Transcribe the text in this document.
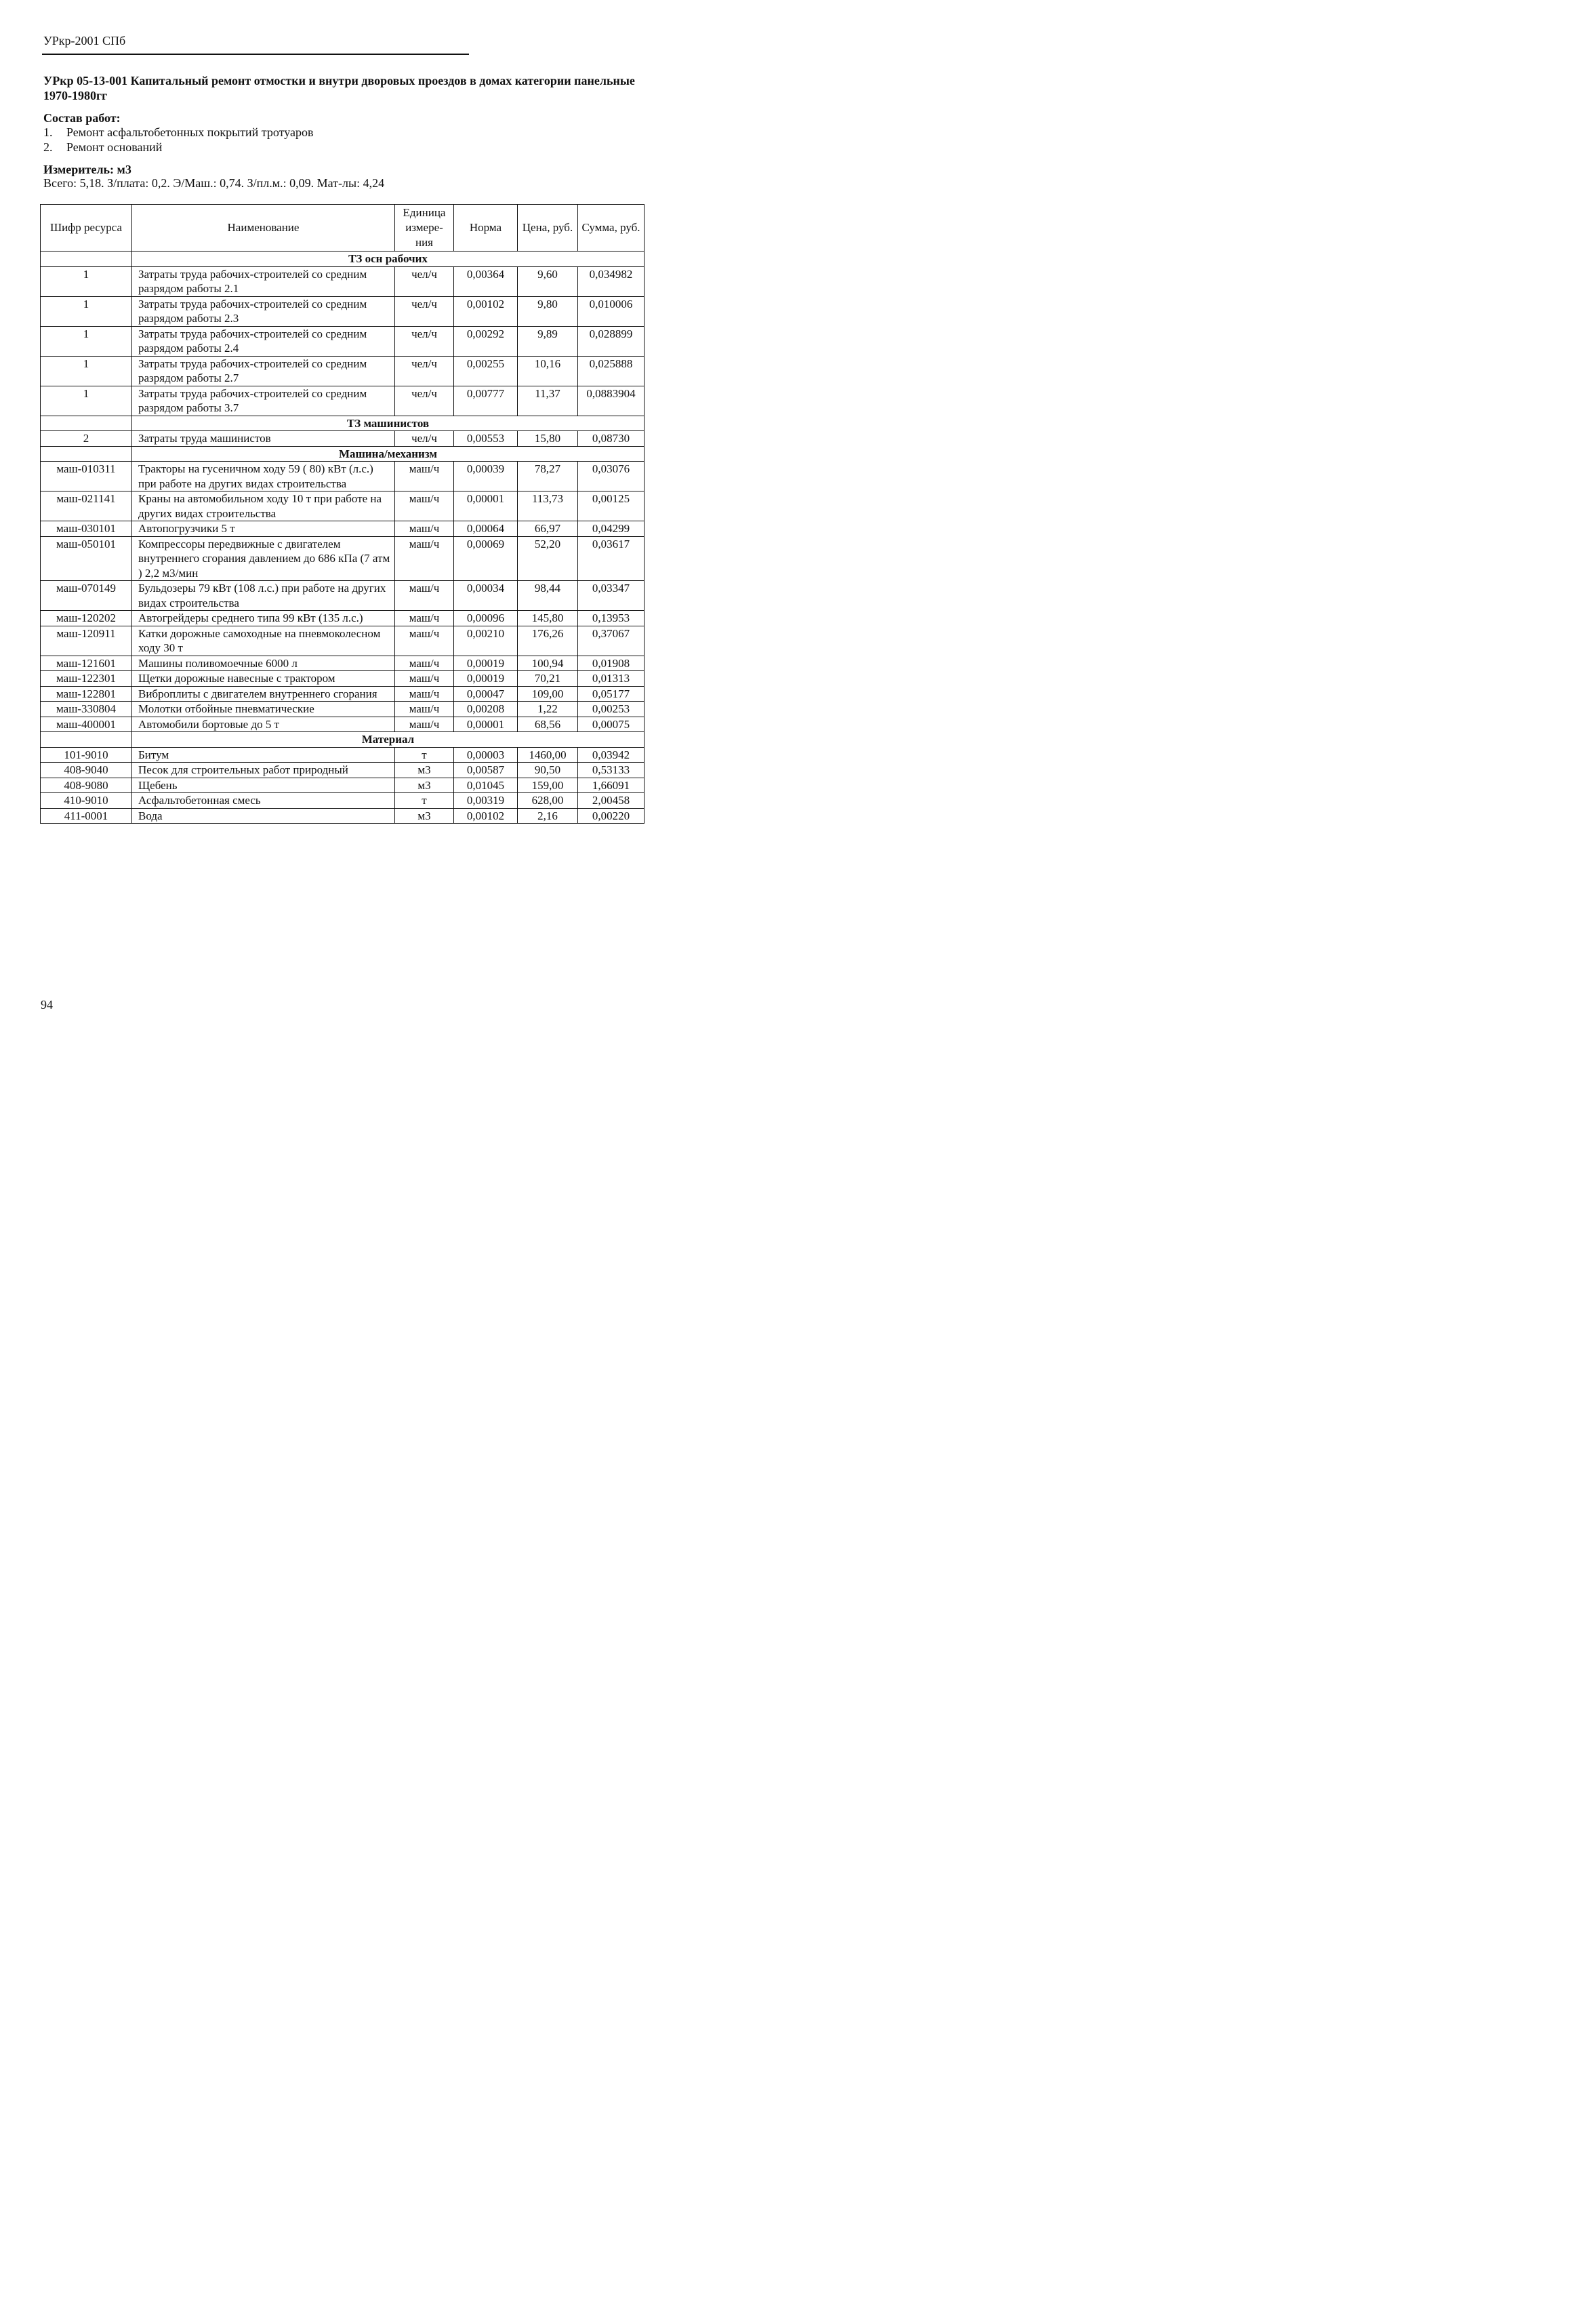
УРкр-2001 СПб
УРкр 05-13-001 Капитальный ремонт отмостки и внутри дворовых проездов в домах категории панельные 1970-1980гг
Состав работ:
1. Ремонт асфальтобетонных покрытий тротуаров
2. Ремонт оснований
Измеритель: м3
Всего: 5,18. З/плата: 0,2. Э/Маш.: 0,74. З/пл.м.: 0,09. Мат-лы: 4,24
Шифр ресурса	Наименование	Единица измере-ния	Норма	Цена, руб.	Сумма, руб.
	ТЗ осн рабочих				
1	Затраты труда рабочих-строителей со средним разрядом работы 2.1	чел/ч	0,00364	9,60	0,034982
1	Затраты труда рабочих-строителей со средним разрядом работы 2.3	чел/ч	0,00102	9,80	0,010006
1	Затраты труда рабочих-строителей со средним разрядом работы 2.4	чел/ч	0,00292	9,89	0,028899
1	Затраты труда рабочих-строителей со средним разрядом работы 2.7	чел/ч	0,00255	10,16	0,025888
1	Затраты труда рабочих-строителей со средним разрядом работы 3.7	чел/ч	0,00777	11,37	0,0883904
	ТЗ машинистов				
2	Затраты труда машинистов	чел/ч	0,00553	15,80	0,08730
	Машина/механизм				
маш-010311	Тракторы на гусеничном ходу 59 ( 80) кВт (л.с.) при работе на других видах строительства	маш/ч	0,00039	78,27	0,03076
маш-021141	Краны на автомобильном ходу 10 т при работе на других видах строительства	маш/ч	0,00001	113,73	0,00125
маш-030101	Автопогрузчики 5 т	маш/ч	0,00064	66,97	0,04299
маш-050101	Компрессоры передвижные с двигателем внутреннего сгорания давлением до 686 кПа (7 атм ) 2,2 м3/мин	маш/ч	0,00069	52,20	0,03617
маш-070149	Бульдозеры 79 кВт (108 л.с.) при работе на других видах строительства	маш/ч	0,00034	98,44	0,03347
маш-120202	Автогрейдеры среднего типа 99 кВт (135 л.с.)	маш/ч	0,00096	145,80	0,13953
маш-120911	Катки дорожные самоходные на пневмоколесном ходу 30 т	маш/ч	0,00210	176,26	0,37067
маш-121601	Машины поливомоечные 6000 л	маш/ч	0,00019	100,94	0,01908
маш-122301	Щетки дорожные навесные с трактором	маш/ч	0,00019	70,21	0,01313
маш-122801	Виброплиты с двигателем внутреннего сгорания	маш/ч	0,00047	109,00	0,05177
маш-330804	Молотки отбойные пневматические	маш/ч	0,00208	1,22	0,00253
маш-400001	Автомобили бортовые до 5 т	маш/ч	0,00001	68,56	0,00075
	Материал				
101-9010	Битум	т	0,00003	1460,00	0,03942
408-9040	Песок для строительных работ природный	м3	0,00587	90,50	0,53133
408-9080	Щебень	м3	0,01045	159,00	1,66091
410-9010	Асфальтобетонная смесь	т	0,00319	628,00	2,00458
411-0001	Вода	м3	0,00102	2,16	0,00220
94
